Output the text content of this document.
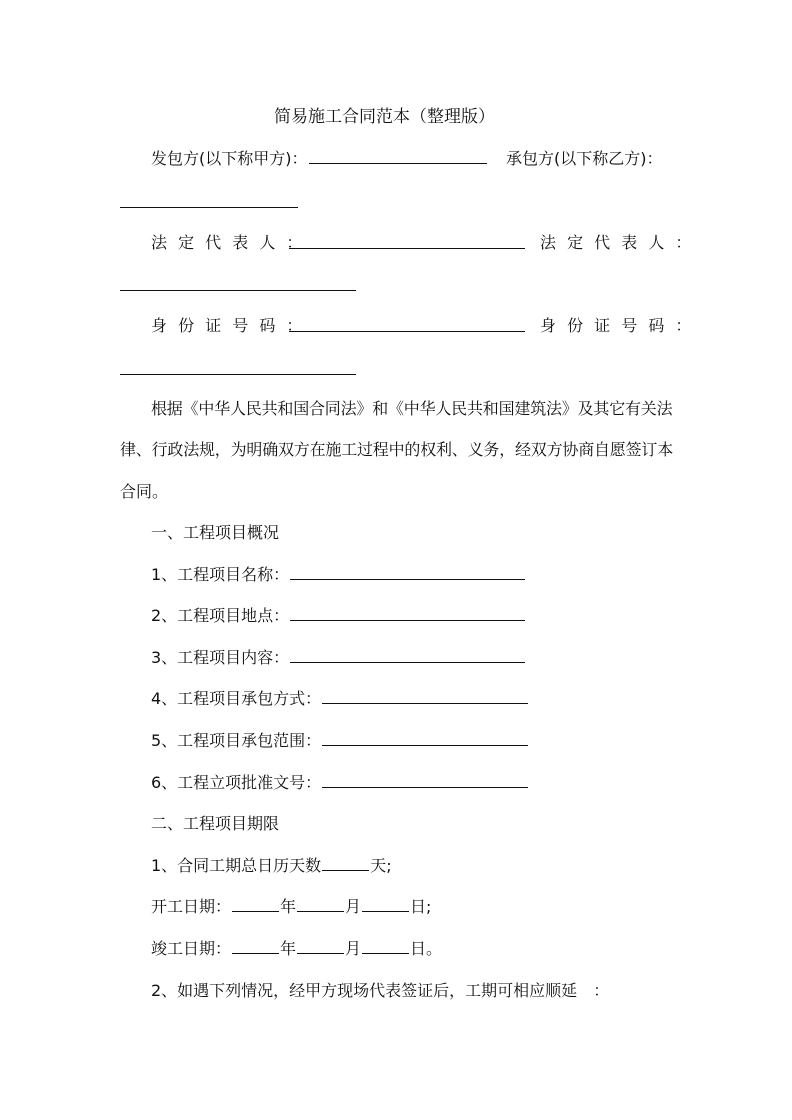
简易施工合同范本（整理版）
发包方(以下称甲方)：	承包方(以下称乙方)：
法 定 代 表 人 ：	法 定 代 表 人 ：
身 份 证 号 码 ：	身 份 证 号 码 ：
根据《中华人民共和国合同法》和《中华人民共和国建筑法》及其它有关法
律、行政法规，为明确双方在施工过程中的权利、义务，经双方协商自愿签订本
合同。
一、工程项目概况
1、工程项目名称：
2、工程项目地点：
3、工程项目内容：
4、工程项目承包方式：
5、工程项目承包范围：
6、工程立项批准文号：
二、工程项目期限
1、合同工期总日历天数	天;
开工日期：	年	月	日;
竣工日期：	年	月	日。
2、如遇下列情况，经甲方现场代表签证后，工期可相应顺延 ：
